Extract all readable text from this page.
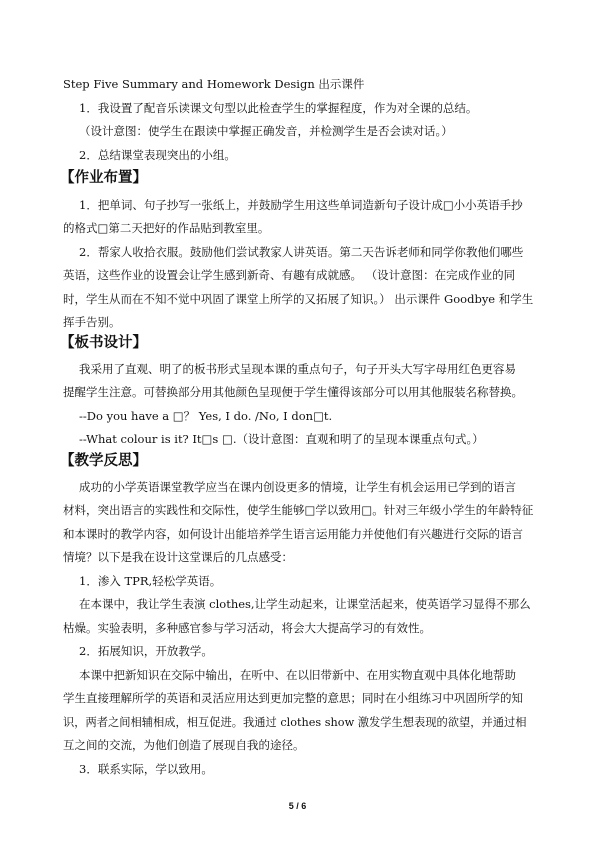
Step Five Summary and Homework Design 出示课件
1．我设置了配音乐读课文句型以此检查学生的掌握程度，作为对全课的总结。
（设计意图：使学生在跟读中掌握正确发音，并检测学生是否会读对话。）
2．总结课堂表现突出的小组。
【作业布置】
1．把单词、句子抄写一张纸上，并鼓励学生用这些单词造新句子设计成□小小英语手抄
的格式□第二天把好的作品贴到教室里。
2．帮家人收拾衣服。鼓励他们尝试教家人讲英语。第二天告诉老师和同学你教他们哪些
英语，这些作业的设置会让学生感到新奇、有趣有成就感。 （设计意图：在完成作业的同
时，学生从而在不知不觉中巩固了课堂上所学的又拓展了知识。） 出示课件 Goodbye 和学生
挥手告别。
【板书设计】
我采用了直观、明了的板书形式呈现本课的重点句子，句子开头大写字母用红色更容易
提醒学生注意。可替换部分用其他颜色呈现便于学生懂得该部分可以用其他服装名称替换。
--Do you have a □？ Yes, I do. /No, I don□t.
--What colour is it? It□s □.（设计意图：直观和明了的呈现本课重点句式。）
【教学反思】
成功的小学英语课堂教学应当在课内创设更多的情境，让学生有机会运用已学到的语言
材料，突出语言的实践性和交际性，使学生能够□学以致用□。针对三年级小学生的年龄特征
和本课时的教学内容，如何设计出能培养学生语言运用能力并使他们有兴趣进行交际的语言
情境？以下是我在设计这堂课后的几点感受：
1．渗入 TPR,轻松学英语。
在本课中，我让学生表演 clothes,让学生动起来，让课堂活起来，使英语学习显得不那么
枯燥。实验表明，多种感官参与学习活动，将会大大提高学习的有效性。
2．拓展知识，开放教学。
本课中把新知识在交际中输出，在听中、在以旧带新中、在用实物直观中具体化地帮助
学生直接理解所学的英语和灵活应用达到更加完整的意思；同时在小组练习中巩固所学的知
识，两者之间相辅相成，相互促进。我通过 clothes show 激发学生想表现的欲望，并通过相
互之间的交流，为他们创造了展现自我的途径。
3．联系实际，学以致用。
5 / 6
